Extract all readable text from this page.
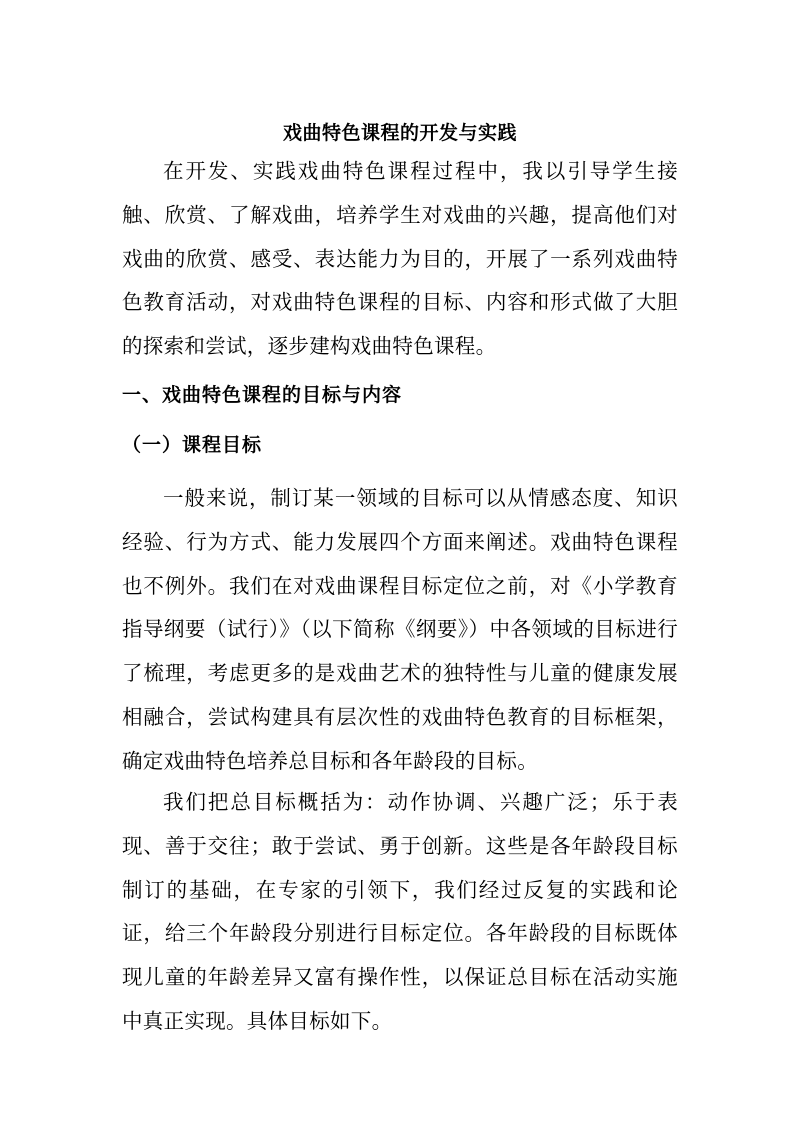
戏曲特色课程的开发与实践

在开发、实践戏曲特色课程过程中，我以引导学生接触、欣赏、了解戏曲，培养学生对戏曲的兴趣，提高他们对戏曲的欣赏、感受、表达能力为目的，开展了一系列戏曲特色教育活动，对戏曲特色课程的目标、内容和形式做了大胆的探索和尝试，逐步建构戏曲特色课程。

一、戏曲特色课程的目标与内容
（一）课程目标

一般来说，制订某一领域的目标可以从情感态度、知识经验、行为方式、能力发展四个方面来阐述。戏曲特色课程也不例外。我们在对戏曲课程目标定位之前，对《小学教育指导纲要（试行）》（以下简称《纲要》）中各领域的目标进行了梳理，考虑更多的是戏曲艺术的独特性与儿童的健康发展相融合，尝试构建具有层次性的戏曲特色教育的目标框架，确定戏曲特色培养总目标和各年龄段的目标。

我们把总目标概括为：动作协调、兴趣广泛；乐于表现、善于交往；敢于尝试、勇于创新。这些是各年龄段目标制订的基础，在专家的引领下，我们经过反复的实践和论证，给三个年龄段分别进行目标定位。各年龄段的目标既体现儿童的年龄差异又富有操作性，以保证总目标在活动实施中真正实现。具体目标如下。
